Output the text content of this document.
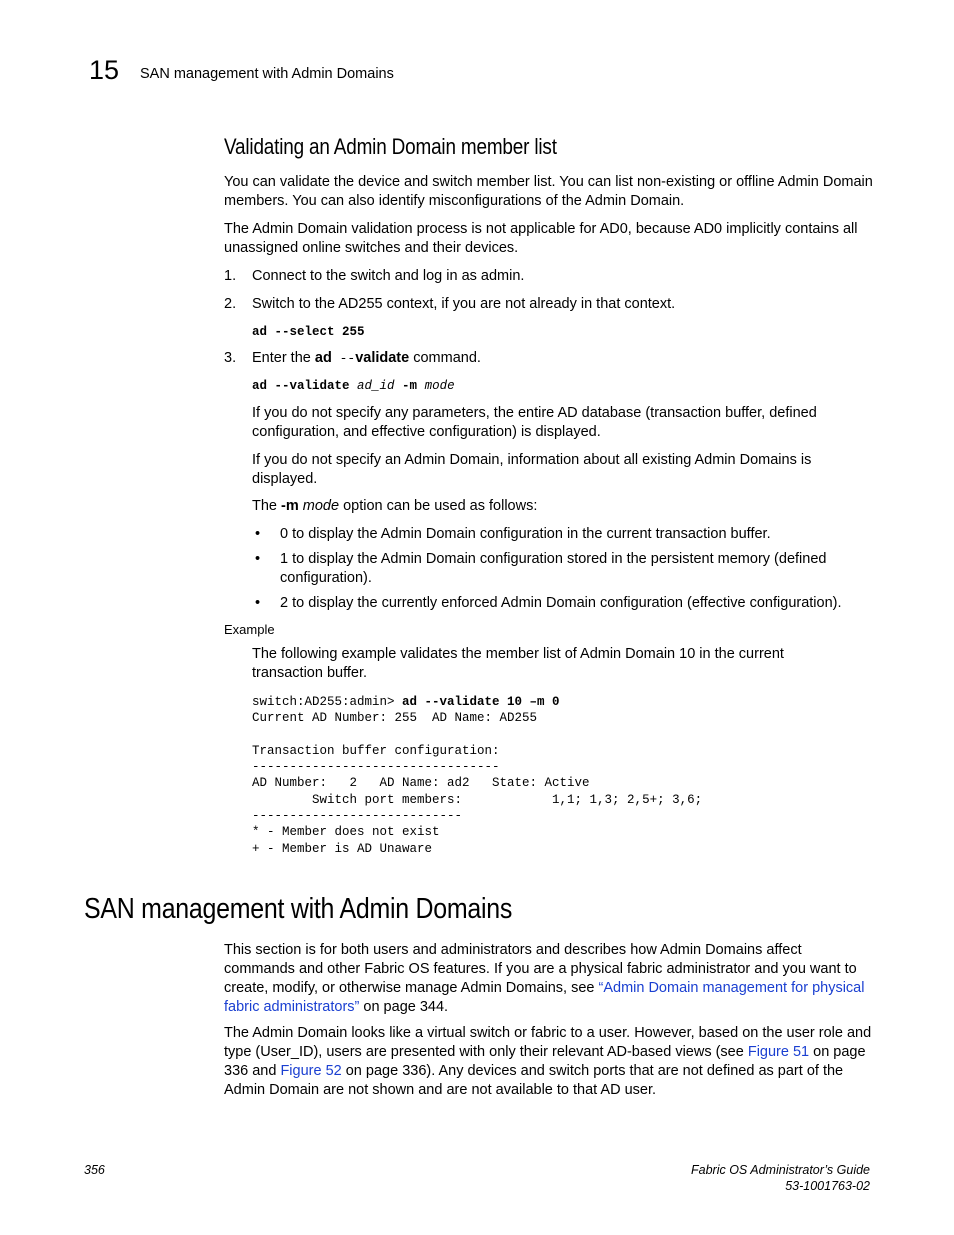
15 SAN management with Admin Domains
Validating an Admin Domain member list

You can validate the device and switch member list. You can list non-existing or offline Admin Domain members. You can also identify misconfigurations of the Admin Domain.

The Admin Domain validation process is not applicable for AD0, because AD0 implicitly contains all unassigned online switches and their devices.

1. Connect to the switch and log in as admin.

2. Switch to the AD255 context, if you are not already in that context.

ad --select 255
3. Enter the ad --validate command.

ad --validate ad_id -m mode

If you do not specify any parameters, the entire AD database (transaction buffer, defined configuration, and effective configuration) is displayed.

If you do not specify an Admin Domain, information about all existing Admin Domains is displayed.

The -m mode option can be used as follows:

• 0 to display the Admin Domain configuration in the current transaction buffer.

• 1 to display the Admin Domain configuration stored in the persistent memory (defined configuration).

• 2 to display the currently enforced Admin Domain configuration (effective configuration).

Example

The following example validates the member list of Admin Domain 10 in the current transaction buffer.

switch:AD255:admin> ad --validate 10 –m 0
Current AD Number: 255  AD Name: AD255

Transaction buffer configuration:
---------------------------------
AD Number:   2   AD Name: ad2   State: Active
Switch port members:            1,1; 1,3; 2,5+; 3,6;
----------------------------
* - Member does not exist
+ - Member is AD Unaware
SAN management with Admin Domains

This section is for both users and administrators and describes how Admin Domains affect commands and other Fabric OS features. If you are a physical fabric administrator and you want to create, modify, or otherwise manage Admin Domains, see “Admin Domain management for physical fabric administrators” on page 344.

The Admin Domain looks like a virtual switch or fabric to a user. However, based on the user role and type (User_ID), users are presented with only their relevant AD-based views (see Figure 51 on page 336 and Figure 52 on page 336). Any devices and switch ports that are not defined as part of the Admin Domain are not shown and are not available to that AD user.

356	Fabric OS Administrator’s Guide
53-1001763-02
